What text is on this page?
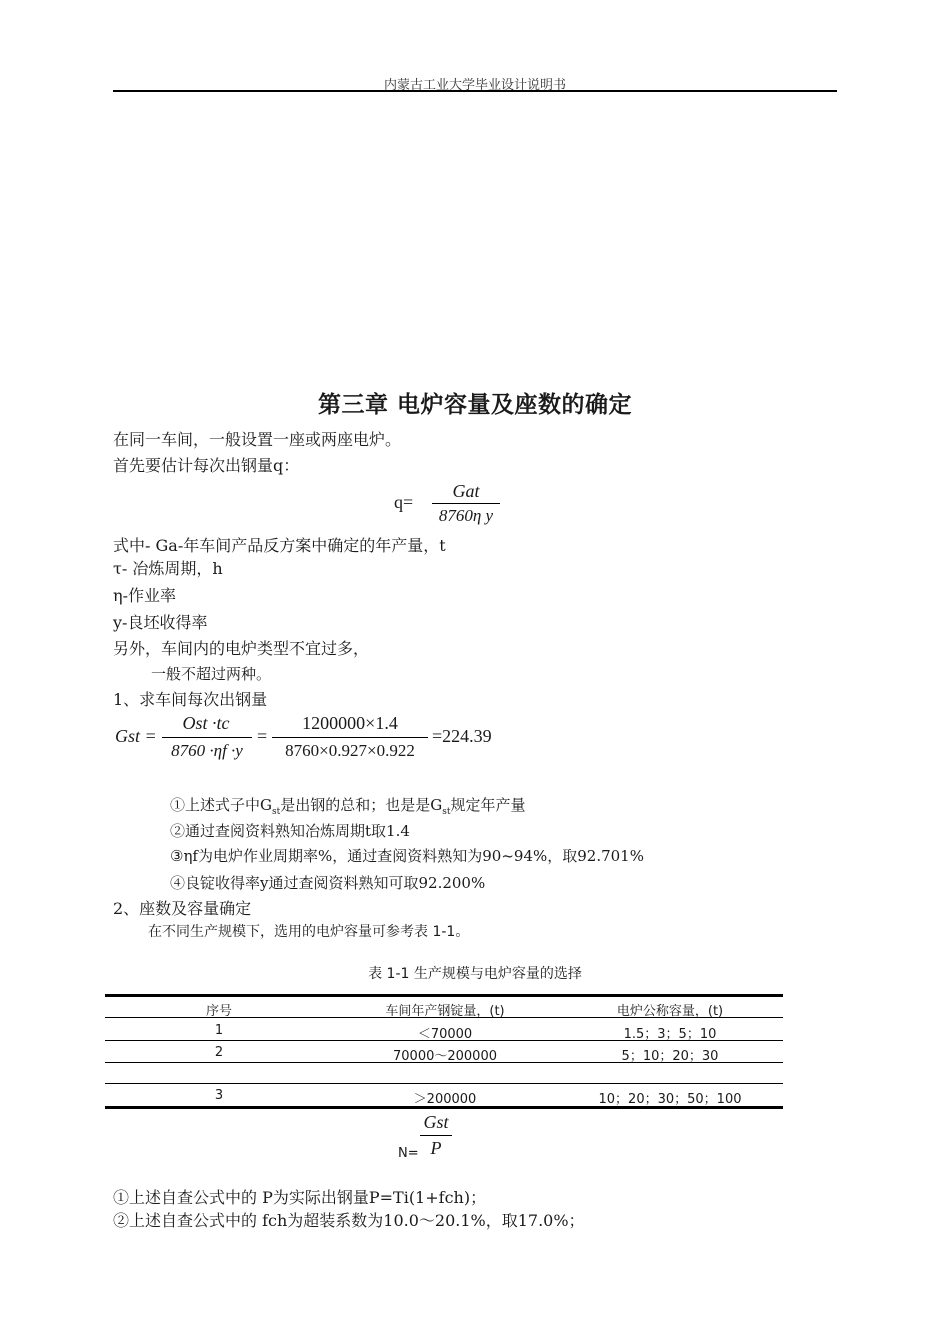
内蒙古工业大学毕业设计说明书
第三章 电炉容量及座数的确定
在同一车间，一般设置一座或两座电炉。
首先要估计每次出钢量q：
q=
Gat
8760η y
式中- Ga-年车间产品反方案中确定的年产量，t
τ- 冶炼周期，h
η-作业率
y-良坯收得率
另外，车间内的电炉类型不宜过多，
一般不超过两种。
1、求车间每次出钢量
Gst =
Ost ·tc
8760 ·ηf ·y
=
1200000×1.4
8760×0.927×0.922
=224.39
①上述式子中$G_{st}$是出钢的总和；也是是$G_{st}$规定年产量
②通过查阅资料熟知冶炼周期t取1.4
③ηf为电炉作业周期率%，通过查阅资料熟知为90~94%，取92.701%
④良锭收得率y通过查阅资料熟知可取92.200%
2、座数及容量确定
在不同生产规模下，选用的电炉容量可参考表 1-1。
表 1-1 生产规模与电炉容量的选择
序号	车间年产钢锭量，(t)	电炉公称容量，(t)
1	＜70000	1.5；3；5；10
2	70000～200000	5；10；20；30
3	＞200000	10；20；30；50；100
N=
Gst
P
①上述自查公式中的 P为实际出钢量P=Ti(1+fch)；
②上述自查公式中的 fch为超装系数为10.0～20.1%，取17.0%；
